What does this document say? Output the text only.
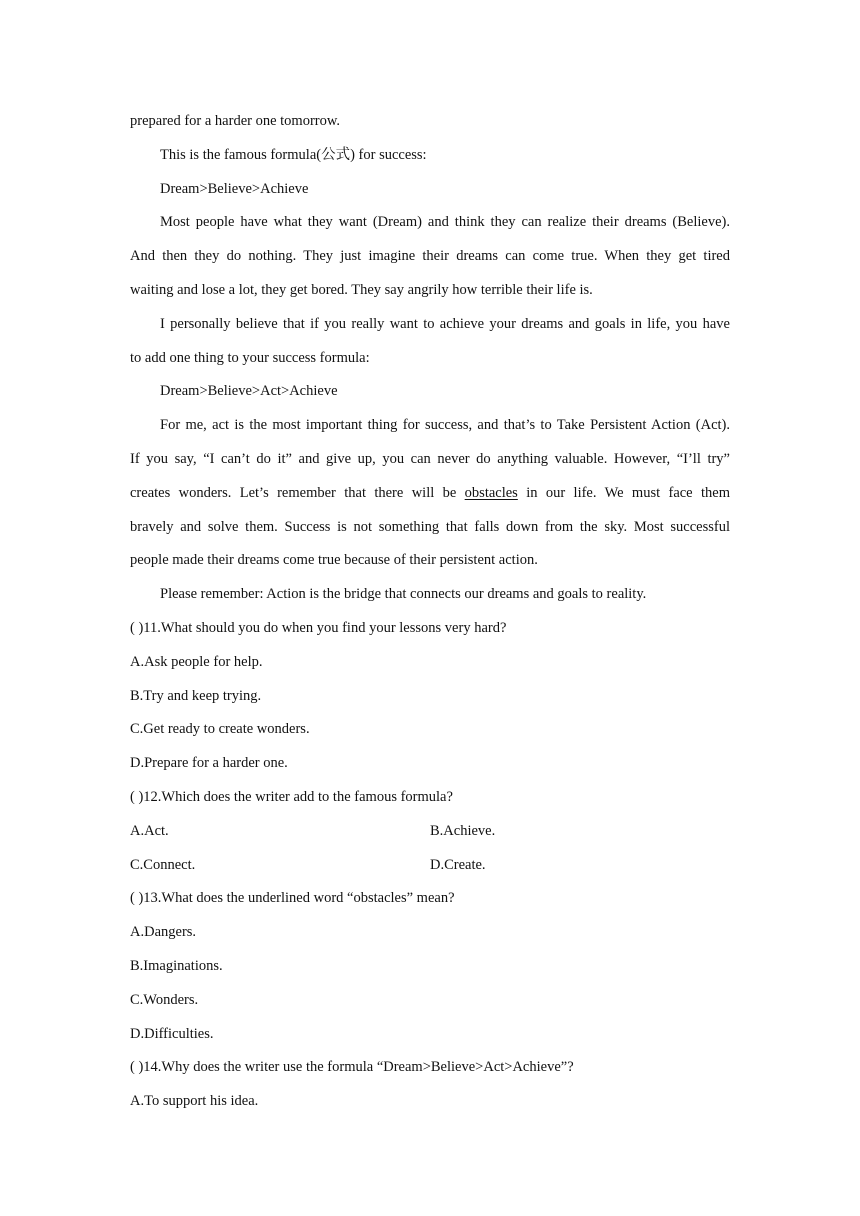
prepared for a harder one tomorrow.
This is the famous formula(公式) for success:
Dream>Believe>Achieve
Most people have what they want (Dream) and think they can realize their dreams (Believe).
And then they do nothing. They just imagine their dreams can come true. When they get tired
waiting and lose a lot, they get bored. They say angrily how terrible their life is.
I personally believe that if you really want to achieve your dreams and goals in life, you have
to add one thing to your success formula:
Dream>Believe>Act>Achieve
For me, act is the most important thing for success, and that’s to Take Persistent Action (Act).
If you say, “I can’t do it” and give up, you can never do anything valuable. However, “I’ll try”
creates wonders. Let’s remember that there will be obstacles in our life. We must face them
bravely and solve them. Success is not something that falls down from the sky. Most successful
people made their dreams come true because of their persistent action.
Please remember: Action is the bridge that connects our dreams and goals to reality.
( )11.What should you do when you find your lessons very hard?
A.Ask people for help.
B.Try and keep trying.
C.Get ready to create wonders.
D.Prepare for a harder one.
( )12.Which does the writer add to the famous formula?
A.Act.	B.Achieve.
C.Connect.	D.Create.
( )13.What does the underlined word “obstacles” mean?
A.Dangers.
B.Imaginations.
C.Wonders.
D.Difficulties.
( )14.Why does the writer use the formula “Dream>Believe>Act>Achieve”?
A.To support his idea.
